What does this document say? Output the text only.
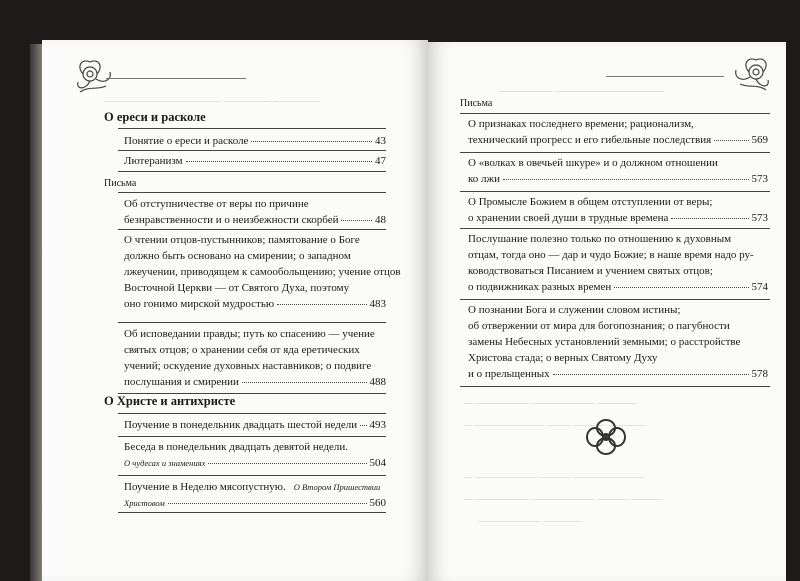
─────────────── ────── ──────
О ереси и расколе
Понятие о ереси и расколе	43
Лютеранизм	47
Письма
Об отступничестве от веры по причине
безнравственности и о неизбежности скорбей	48
О чтении отцов-пустынников; памятование о Боге
должно быть основано на смирении; о западном
лжеучении, приводящем к самообольщению; учение отцов
Восточной Церкви — от Святого Духа, поэтому
оно гонимо мирской мудростью	483
Об исповедании правды; путь ко спасению — учение
святых отцов; о хранении себя от яда еретических
учений; оскудение духовных наставников; о подвиге
послушания и смирении	488
О Христе и антихристе
Поучение в понедельник двадцать шестой недели 493
Беседа в понедельник двадцать девятой недели.
О чудесах и знамениях	504
Поучение в Неделю мясопустную. О Втором Пришествии
Христовом	560
─────── ──────────────
Письма
О признаках последнего времени; рационализм,
технический прогресс и его гибельные последствия	569
О «волках в овечьей шкуре» и о должном отношении
ко лжи	573
О Промысле Божием в общем отступлении от веры;
о хранении своей души в трудные времена	573
Послушание полезно только по отношению к духовным
отцам, тогда оно — дар и чудо Божие; в наше время надо ру-
ководствоваться Писанием и учением святых отцов;
о подвижниках разных времен	574
О познании Бога и служении словом истины;
об отвержении от мира для богопознания; о пагубности
замены Небесных установлений земными; о расстройстве
Христова стада; о верных Святому Духу
и о прельщенных	578
─ ─────── ──────── ─────
─ ───────── ─── ──── ─────
─ ──────── ──── ─────────
─ ─────── ──────── ──── ────
──────── ─────
